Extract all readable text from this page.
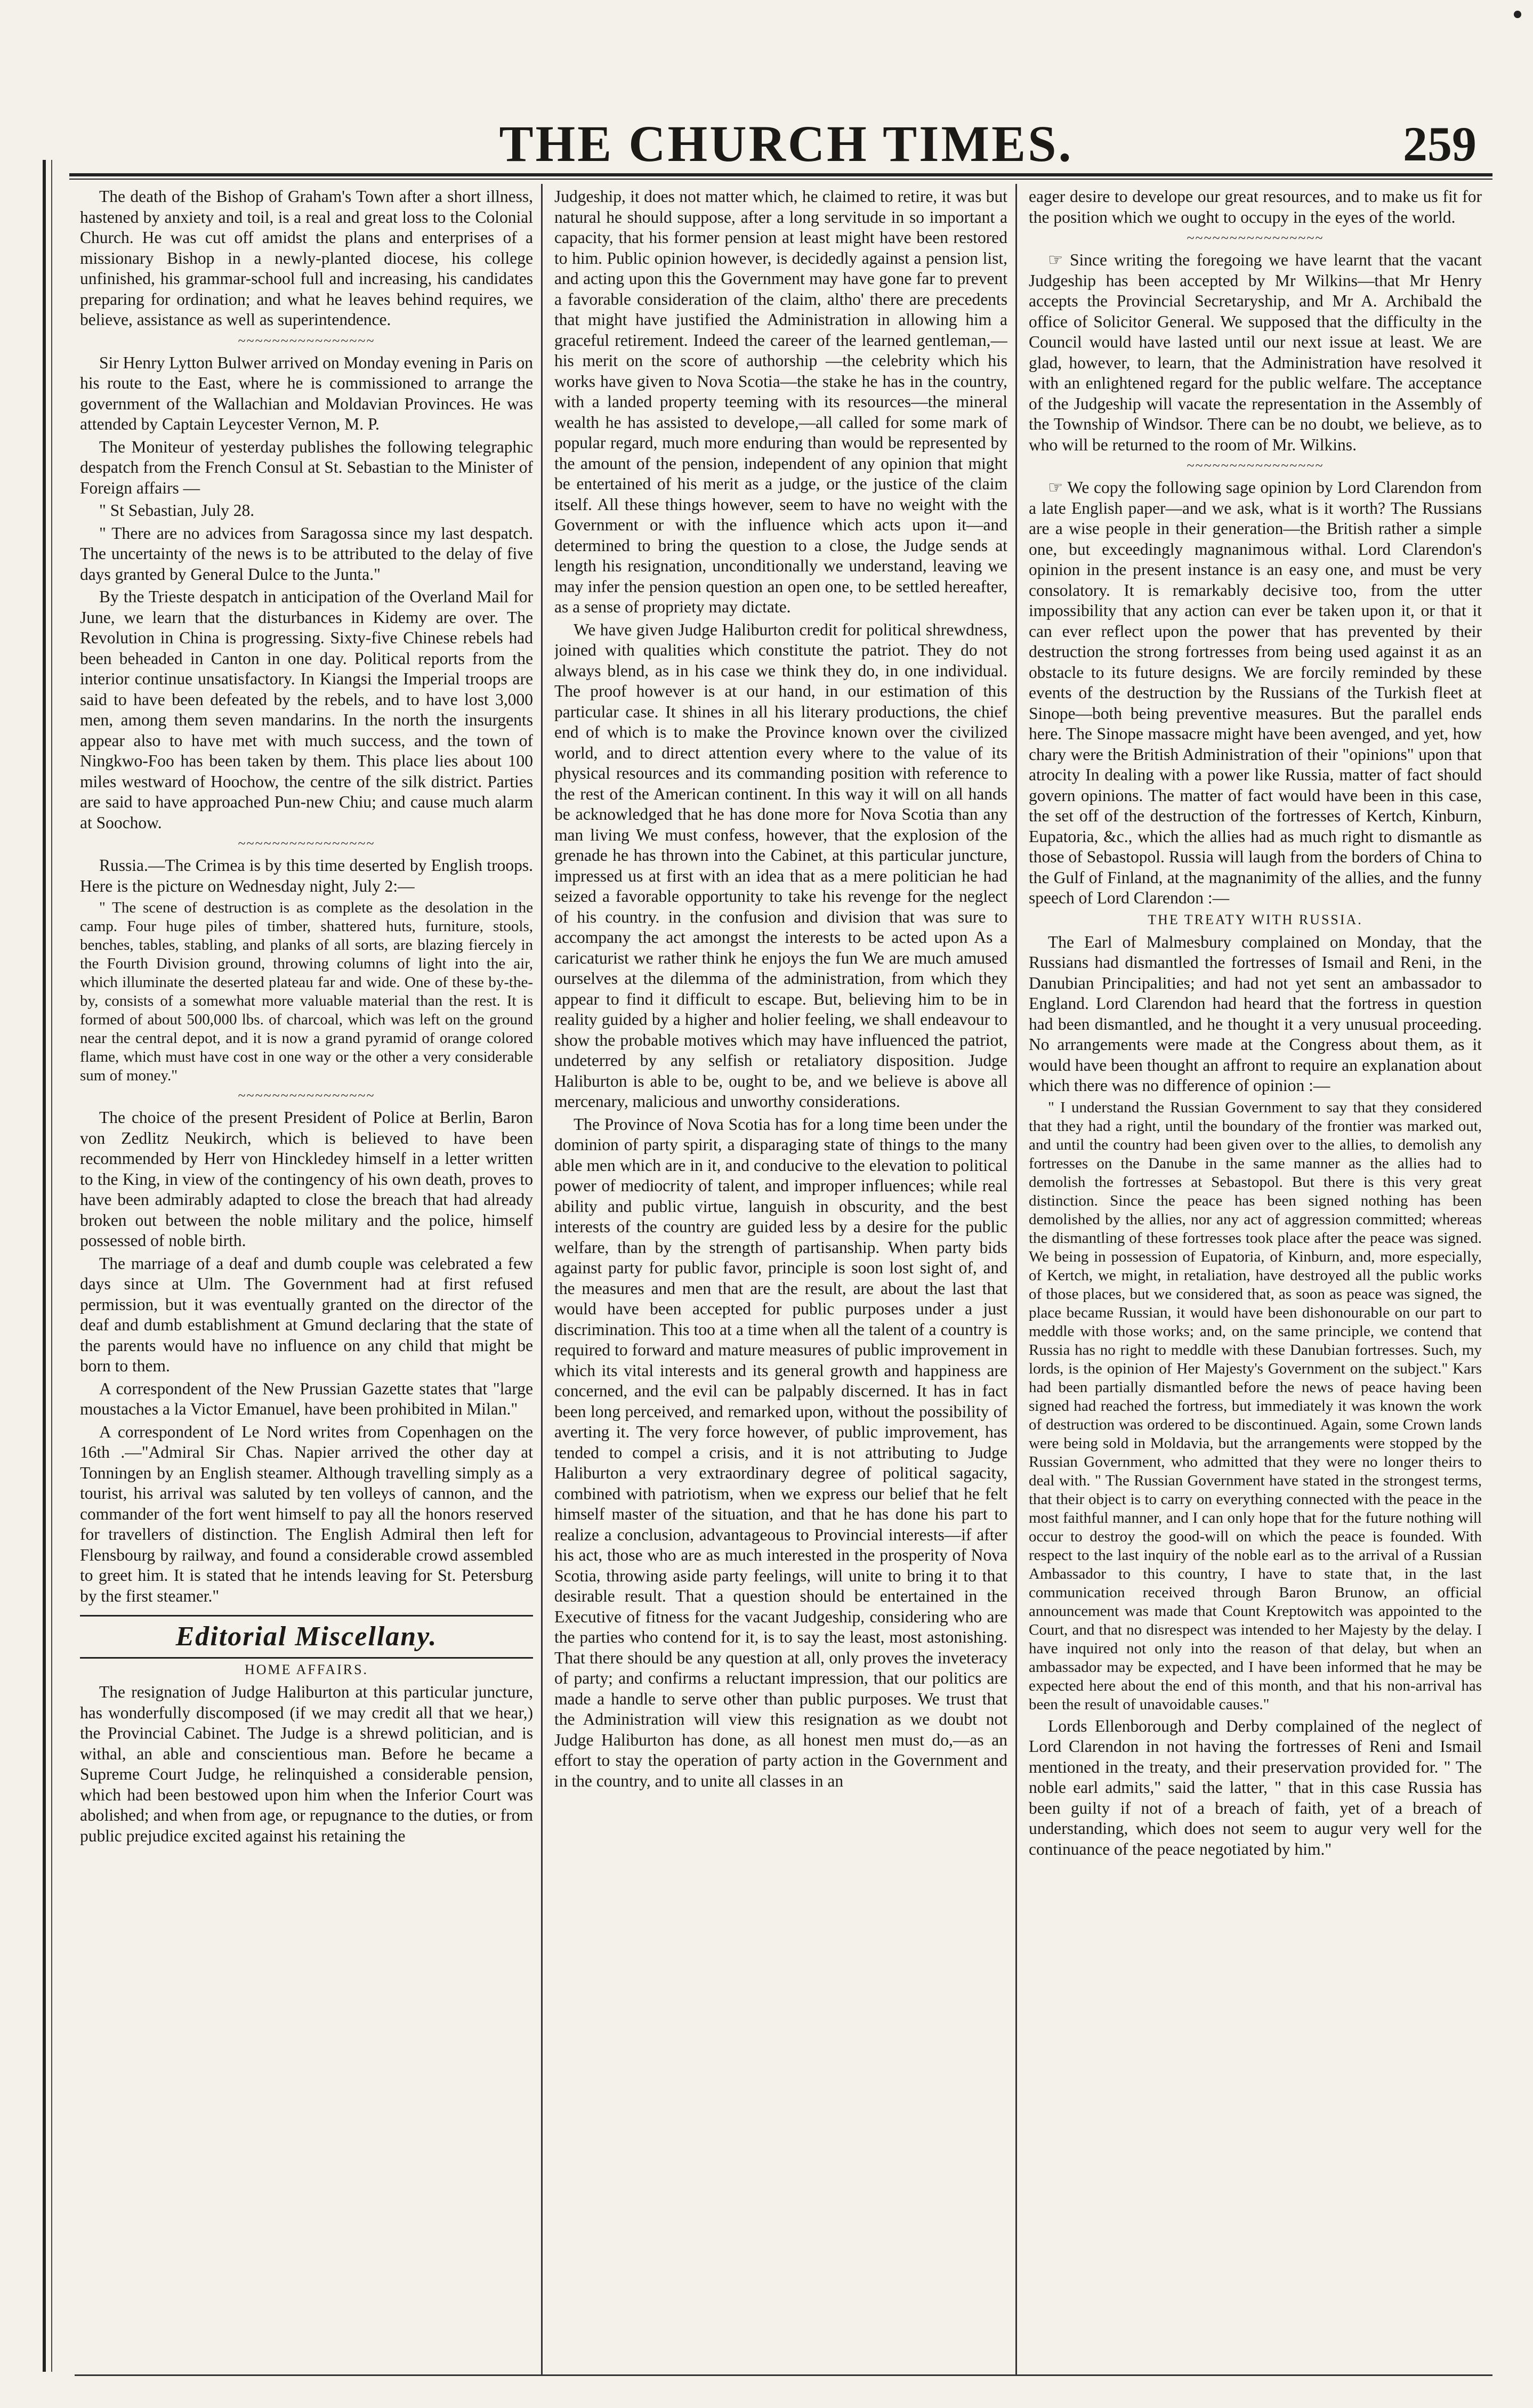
THE CHURCH TIMES.	259

The death of the Bishop of Graham's Town after a short illness, hastened by anxiety and toil, is a real and great loss to the Colonial Church. He was cut off amidst the plans and enterprises of a missionary Bishop in a newly-planted diocese, his college unfinished, his grammar-school full and increasing, his candidates preparing for ordination; and what he leaves behind requires, we believe, assistance as well as superintendence.

~~~~~~~~~~~~~~~~

Sir Henry Lytton Bulwer arrived on Monday evening in Paris on his route to the East, where he is commissioned to arrange the government of the Wallachian and Moldavian Provinces. He was attended by Captain Leycester Vernon, M. P.

The Moniteur of yesterday publishes the following telegraphic despatch from the French Consul at St. Sebastian to the Minister of Foreign affairs —

" St Sebastian, July 28.

" There are no advices from Saragossa since my last despatch. The uncertainty of the news is to be attributed to the delay of five days granted by General Dulce to the Junta."

By the Trieste despatch in anticipation of the Overland Mail for June, we learn that the disturbances in Kidemy are over. The Revolution in China is progressing. Sixty-five Chinese rebels had been beheaded in Canton in one day. Political reports from the interior continue unsatisfactory. In Kiangsi the Imperial troops are said to have been defeated by the rebels, and to have lost 3,000 men, among them seven mandarins. In the north the insurgents appear also to have met with much success, and the town of Ningkwo-Foo has been taken by them. This place lies about 100 miles westward of Hoochow, the centre of the silk district. Parties are said to have approached Pun-new Chiu; and cause much alarm at Soochow.

~~~~~~~~~~~~~~~~

Russia.—The Crimea is by this time deserted by English troops. Here is the picture on Wednesday night, July 2:—

" The scene of destruction is as complete as the desolation in the camp. Four huge piles of timber, shattered huts, furniture, stools, benches, tables, stabling, and planks of all sorts, are blazing fiercely in the Fourth Division ground, throwing columns of light into the air, which illuminate the deserted plateau far and wide. One of these by-the-by, consists of a somewhat more valuable material than the rest. It is formed of about 500,000 lbs. of charcoal, which was left on the ground near the central depot, and it is now a grand pyramid of orange colored flame, which must have cost in one way or the other a very considerable sum of money."

~~~~~~~~~~~~~~~~

The choice of the present President of Police at Berlin, Baron von Zedlitz Neukirch, which is believed to have been recommended by Herr von Hinckledey himself in a letter written to the King, in view of the contingency of his own death, proves to have been admirably adapted to close the breach that had already broken out between the noble military and the police, himself possessed of noble birth.

The marriage of a deaf and dumb couple was celebrated a few days since at Ulm. The Government had at first refused permission, but it was eventually granted on the director of the deaf and dumb establishment at Gmund declaring that the state of the parents would have no influence on any child that might be born to them.

A correspondent of the New Prussian Gazette states that "large moustaches a la Victor Emanuel, have been prohibited in Milan."

A correspondent of Le Nord writes from Copenhagen on the 16th .—"Admiral Sir Chas. Napier arrived the other day at Tonningen by an English steamer. Although travelling simply as a tourist, his arrival was saluted by ten volleys of cannon, and the commander of the fort went himself to pay all the honors reserved for travellers of distinction. The English Admiral then left for Flensbourg by railway, and found a considerable crowd assembled to greet him. It is stated that he intends leaving for St. Petersburg by the first steamer."

Editorial Miscellany.
HOME AFFAIRS.

The resignation of Judge Haliburton at this particular juncture, has wonderfully discomposed (if we may credit all that we hear,) the Provincial Cabinet. The Judge is a shrewd politician, and is withal, an able and conscientious man. Before he became a Supreme Court Judge, he relinquished a considerable pension, which had been bestowed upon him when the Inferior Court was abolished; and when from age, or repugnance to the duties, or from public prejudice excited against his retaining the

Judgeship, it does not matter which, he claimed to retire, it was but natural he should suppose, after a long servitude in so important a capacity, that his former pension at least might have been restored to him. Public opinion however, is decidedly against a pension list, and acting upon this the Government may have gone far to prevent a favorable consideration of the claim, altho' there are precedents that might have justified the Administration in allowing him a graceful retirement. Indeed the career of the learned gentleman,—his merit on the score of authorship —the celebrity which his works have given to Nova Scotia—the stake he has in the country, with a landed property teeming with its resources—the mineral wealth he has assisted to develope,—all called for some mark of popular regard, much more enduring than would be represented by the amount of the pension, independent of any opinion that might be entertained of his merit as a judge, or the justice of the claim itself. All these things however, seem to have no weight with the Government or with the influence which acts upon it—and determined to bring the question to a close, the Judge sends at length his resignation, unconditionally we understand, leaving we may infer the pension question an open one, to be settled hereafter, as a sense of propriety may dictate.

We have given Judge Haliburton credit for political shrewdness, joined with qualities which constitute the patriot. They do not always blend, as in his case we think they do, in one individual. The proof however is at our hand, in our estimation of this particular case. It shines in all his literary productions, the chief end of which is to make the Province known over the civilized world, and to direct attention every where to the value of its physical resources and its commanding position with reference to the rest of the American continent. In this way it will on all hands be acknowledged that he has done more for Nova Scotia than any man living We must confess, however, that the explosion of the grenade he has thrown into the Cabinet, at this particular juncture, impressed us at first with an idea that as a mere politician he had seized a favorable opportunity to take his revenge for the neglect of his country. in the confusion and division that was sure to accompany the act amongst the interests to be acted upon As a caricaturist we rather think he enjoys the fun We are much amused ourselves at the dilemma of the administration, from which they appear to find it difficult to escape. But, believing him to be in reality guided by a higher and holier feeling, we shall endeavour to show the probable motives which may have influenced the patriot, undeterred by any selfish or retaliatory disposition. Judge Haliburton is able to be, ought to be, and we believe is above all mercenary, malicious and unworthy considerations.

The Province of Nova Scotia has for a long time been under the dominion of party spirit, a disparaging state of things to the many able men which are in it, and conducive to the elevation to political power of mediocrity of talent, and improper influences; while real ability and public virtue, languish in obscurity, and the best interests of the country are guided less by a desire for the public welfare, than by the strength of partisanship. When party bids against party for public favor, principle is soon lost sight of, and the measures and men that are the result, are about the last that would have been accepted for public purposes under a just discrimination. This too at a time when all the talent of a country is required to forward and mature measures of public improvement in which its vital interests and its general growth and happiness are concerned, and the evil can be palpably discerned. It has in fact been long perceived, and remarked upon, without the possibility of averting it. The very force however, of public improvement, has tended to compel a crisis, and it is not attributing to Judge Haliburton a very extraordinary degree of political sagacity, combined with patriotism, when we express our belief that he felt himself master of the situation, and that he has done his part to realize a conclusion, advantageous to Provincial interests—if after his act, those who are as much interested in the prosperity of Nova Scotia, throwing aside party feelings, will unite to bring it to that desirable result. That a question should be entertained in the Executive of fitness for the vacant Judgeship, considering who are the parties who contend for it, is to say the least, most astonishing. That there should be any question at all, only proves the inveteracy of party; and confirms a reluctant impression, that our politics are made a handle to serve other than public purposes. We trust that the Administration will view this resignation as we doubt not Judge Haliburton has done, as all honest men must do,—as an effort to stay the operation of party action in the Government and in the country, and to unite all classes in an

eager desire to develope our great resources, and to make us fit for the position which we ought to occupy in the eyes of the world.

~~~~~~~~~~~~~~~~

☞ Since writing the foregoing we have learnt that the vacant Judgeship has been accepted by Mr Wilkins—that Mr Henry accepts the Provincial Secretaryship, and Mr A. Archibald the office of Solicitor General. We supposed that the difficulty in the Council would have lasted until our next issue at least. We are glad, however, to learn, that the Administration have resolved it with an enlightened regard for the public welfare. The acceptance of the Judgeship will vacate the representation in the Assembly of the Township of Windsor. There can be no doubt, we believe, as to who will be returned to the room of Mr. Wilkins.

~~~~~~~~~~~~~~~~

☞ We copy the following sage opinion by Lord Clarendon from a late English paper—and we ask, what is it worth? The Russians are a wise people in their generation—the British rather a simple one, but exceedingly magnanimous withal. Lord Clarendon's opinion in the present instance is an easy one, and must be very consolatory. It is remarkably decisive too, from the utter impossibility that any action can ever be taken upon it, or that it can ever reflect upon the power that has prevented by their destruction the strong fortresses from being used against it as an obstacle to its future designs. We are forcily reminded by these events of the destruction by the Russians of the Turkish fleet at Sinope—both being preventive measures. But the parallel ends here. The Sinope massacre might have been avenged, and yet, how chary were the British Administration of their "opinions" upon that atrocity In dealing with a power like Russia, matter of fact should govern opinions. The matter of fact would have been in this case, the set off of the destruction of the fortresses of Kertch, Kinburn, Eupatoria, &c., which the allies had as much right to dismantle as those of Sebastopol. Russia will laugh from the borders of China to the Gulf of Finland, at the magnanimity of the allies, and the funny speech of Lord Clarendon :—

THE TREATY WITH RUSSIA.

The Earl of Malmesbury complained on Monday, that the Russians had dismantled the fortresses of Ismail and Reni, in the Danubian Principalities; and had not yet sent an ambassador to England. Lord Clarendon had heard that the fortress in question had been dismantled, and he thought it a very unusual proceeding. No arrangements were made at the Congress about them, as it would have been thought an affront to require an explanation about which there was no difference of opinion :—

" I understand the Russian Government to say that they considered that they had a right, until the boundary of the frontier was marked out, and until the country had been given over to the allies, to demolish any fortresses on the Danube in the same manner as the allies had to demolish the fortresses at Sebastopol. But there is this very great distinction. Since the peace has been signed nothing has been demolished by the allies, nor any act of aggression committed; whereas the dismantling of these fortresses took place after the peace was signed. We being in possession of Eupatoria, of Kinburn, and, more especially, of Kertch, we might, in retaliation, have destroyed all the public works of those places, but we considered that, as soon as peace was signed, the place became Russian, it would have been dishonourable on our part to meddle with those works; and, on the same principle, we contend that Russia has no right to meddle with these Danubian fortresses. Such, my lords, is the opinion of Her Majesty's Government on the subject." Kars had been partially dismantled before the news of peace having been signed had reached the fortress, but immediately it was known the work of destruction was ordered to be discontinued. Again, some Crown lands were being sold in Moldavia, but the arrangements were stopped by the Russian Government, who admitted that they were no longer theirs to deal with. " The Russian Government have stated in the strongest terms, that their object is to carry on everything connected with the peace in the most faithful manner, and I can only hope that for the future nothing will occur to destroy the good-will on which the peace is founded. With respect to the last inquiry of the noble earl as to the arrival of a Russian Ambassador to this country, I have to state that, in the last communication received through Baron Brunow, an official announcement was made that Count Kreptowitch was appointed to the Court, and that no disrespect was intended to her Majesty by the delay. I have inquired not only into the reason of that delay, but when an ambassador may be expected, and I have been informed that he may be expected here about the end of this month, and that his non-arrival has been the result of unavoidable causes."

Lords Ellenborough and Derby complained of the neglect of Lord Clarendon in not having the fortresses of Reni and Ismail mentioned in the treaty, and their preservation provided for. " The noble earl admits," said the latter, " that in this case Russia has been guilty if not of a breach of faith, yet of a breach of understanding, which does not seem to augur very well for the continuance of the peace negotiated by him."
